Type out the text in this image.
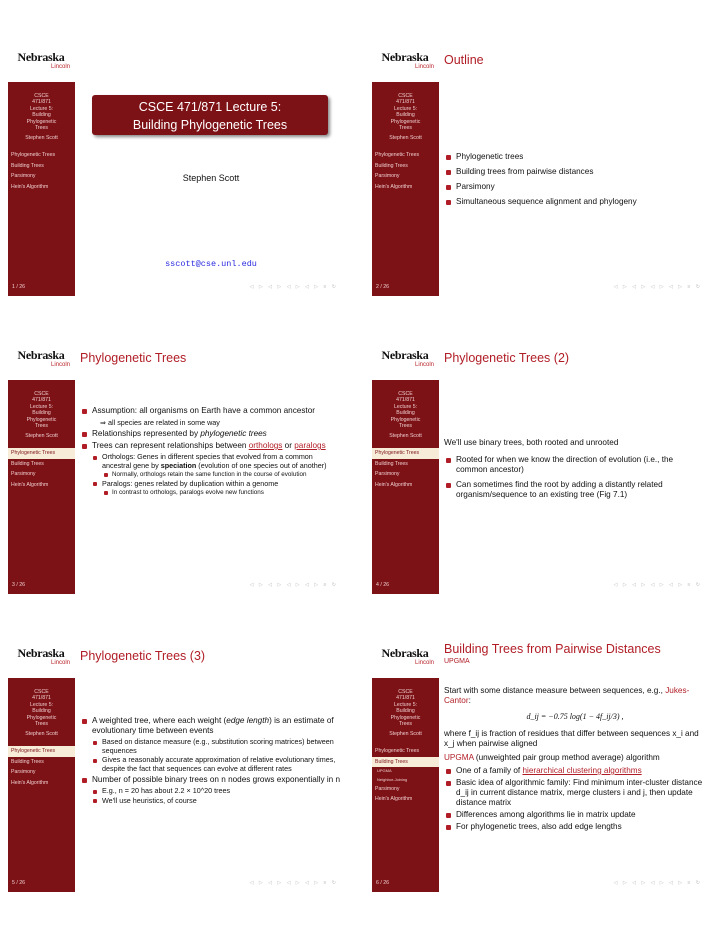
Nebraska
Lincoln
CSCE
471/871
Lecture 5:
Building
Phylogenetic
Trees
Stephen Scott
Phylogenetic Trees
Building Trees
Parsimony
Hein's Algorithm
1 / 26
CSCE 471/871 Lecture 5:
Building Phylogenetic Trees
Stephen Scott
sscott@cse.unl.edu
◁ ▷ ◁ ▷ ◁ ▷ ◁ ▷ ≡ ↻
Nebraska
Lincoln Outline
CSCE
471/871
Lecture 5:
Building
Phylogenetic
Trees
Stephen Scott
Phylogenetic Trees
Building Trees
Parsimony
Hein's Algorithm
2 / 26
Phylogenetic trees
Building trees from pairwise distances
Parsimony
Simultaneous sequence alignment and phylogeny
◁ ▷ ◁ ▷ ◁ ▷ ◁ ▷ ≡ ↻
Nebraska
Lincoln Phylogenetic Trees
CSCE
471/871
Lecture 5:
Building
Phylogenetic
Trees
Stephen Scott
Phylogenetic Trees
Building Trees
Parsimony
Hein's Algorithm
3 / 26
Assumption: all organisms on Earth have a common ancestor
⇒ all species are related in some way
Relationships represented by phylogenetic trees
Trees can represent relationships between orthologs or paralogs
Orthologs: Genes in different species that evolved from a common ancestral gene by speciation (evolution of one species out of another)
Normally, orthologs retain the same function in the course of evolution
Paralogs: genes related by duplication within a genome
In contrast to orthologs, paralogs evolve new functions
◁ ▷ ◁ ▷ ◁ ▷ ◁ ▷ ≡ ↻
Nebraska
Lincoln Phylogenetic Trees (2)
CSCE
471/871
Lecture 5:
Building
Phylogenetic
Trees
Stephen Scott
Phylogenetic Trees
Building Trees
Parsimony
Hein's Algorithm
4 / 26
We'll use binary trees, both rooted and unrooted
Rooted for when we know the direction of evolution (i.e., the common ancestor)
Can sometimes find the root by adding a distantly related organism/sequence to an existing tree (Fig 7.1)
◁ ▷ ◁ ▷ ◁ ▷ ◁ ▷ ≡ ↻
Nebraska
Lincoln Phylogenetic Trees (3)
CSCE
471/871
Lecture 5:
Building
Phylogenetic
Trees
Stephen Scott
Phylogenetic Trees
Building Trees
Parsimony
Hein's Algorithm
5 / 26
A weighted tree, where each weight (edge length) is an estimate of evolutionary time between events
Based on distance measure (e.g., substitution scoring matrices) between sequences
Gives a reasonably accurate approximation of relative evolutionary times, despite the fact that sequences can evolve at different rates
Number of possible binary trees on n nodes grows exponentially in n
E.g., n = 20 has about 2.2 × 10^20 trees
We'll use heuristics, of course
◁ ▷ ◁ ▷ ◁ ▷ ◁ ▷ ≡ ↻
Nebraska
Lincoln
Building Trees from Pairwise Distances
UPGMA
CSCE
471/871
Lecture 5:
Building
Phylogenetic
Trees
Stephen Scott
Phylogenetic Trees
Building Trees
UPGMA
Neighbor-Joining
Parsimony
Hein's Algorithm
6 / 26
Start with some distance measure between sequences, e.g., Jukes-Cantor:
d_ij = −0.75 log(1 − 4f_ij/3) ,
where f_ij is fraction of residues that differ between sequences x_i and x_j when pairwise aligned
UPGMA (unweighted pair group method average) algorithm
One of a family of hierarchical clustering algorithms
Basic idea of algorithmic family: Find minimum inter-cluster distance d_ij in current distance matrix, merge clusters i and j, then update distance matrix
Differences among algorithms lie in matrix update
For phylogenetic trees, also add edge lengths
◁ ▷ ◁ ▷ ◁ ▷ ◁ ▷ ≡ ↻
